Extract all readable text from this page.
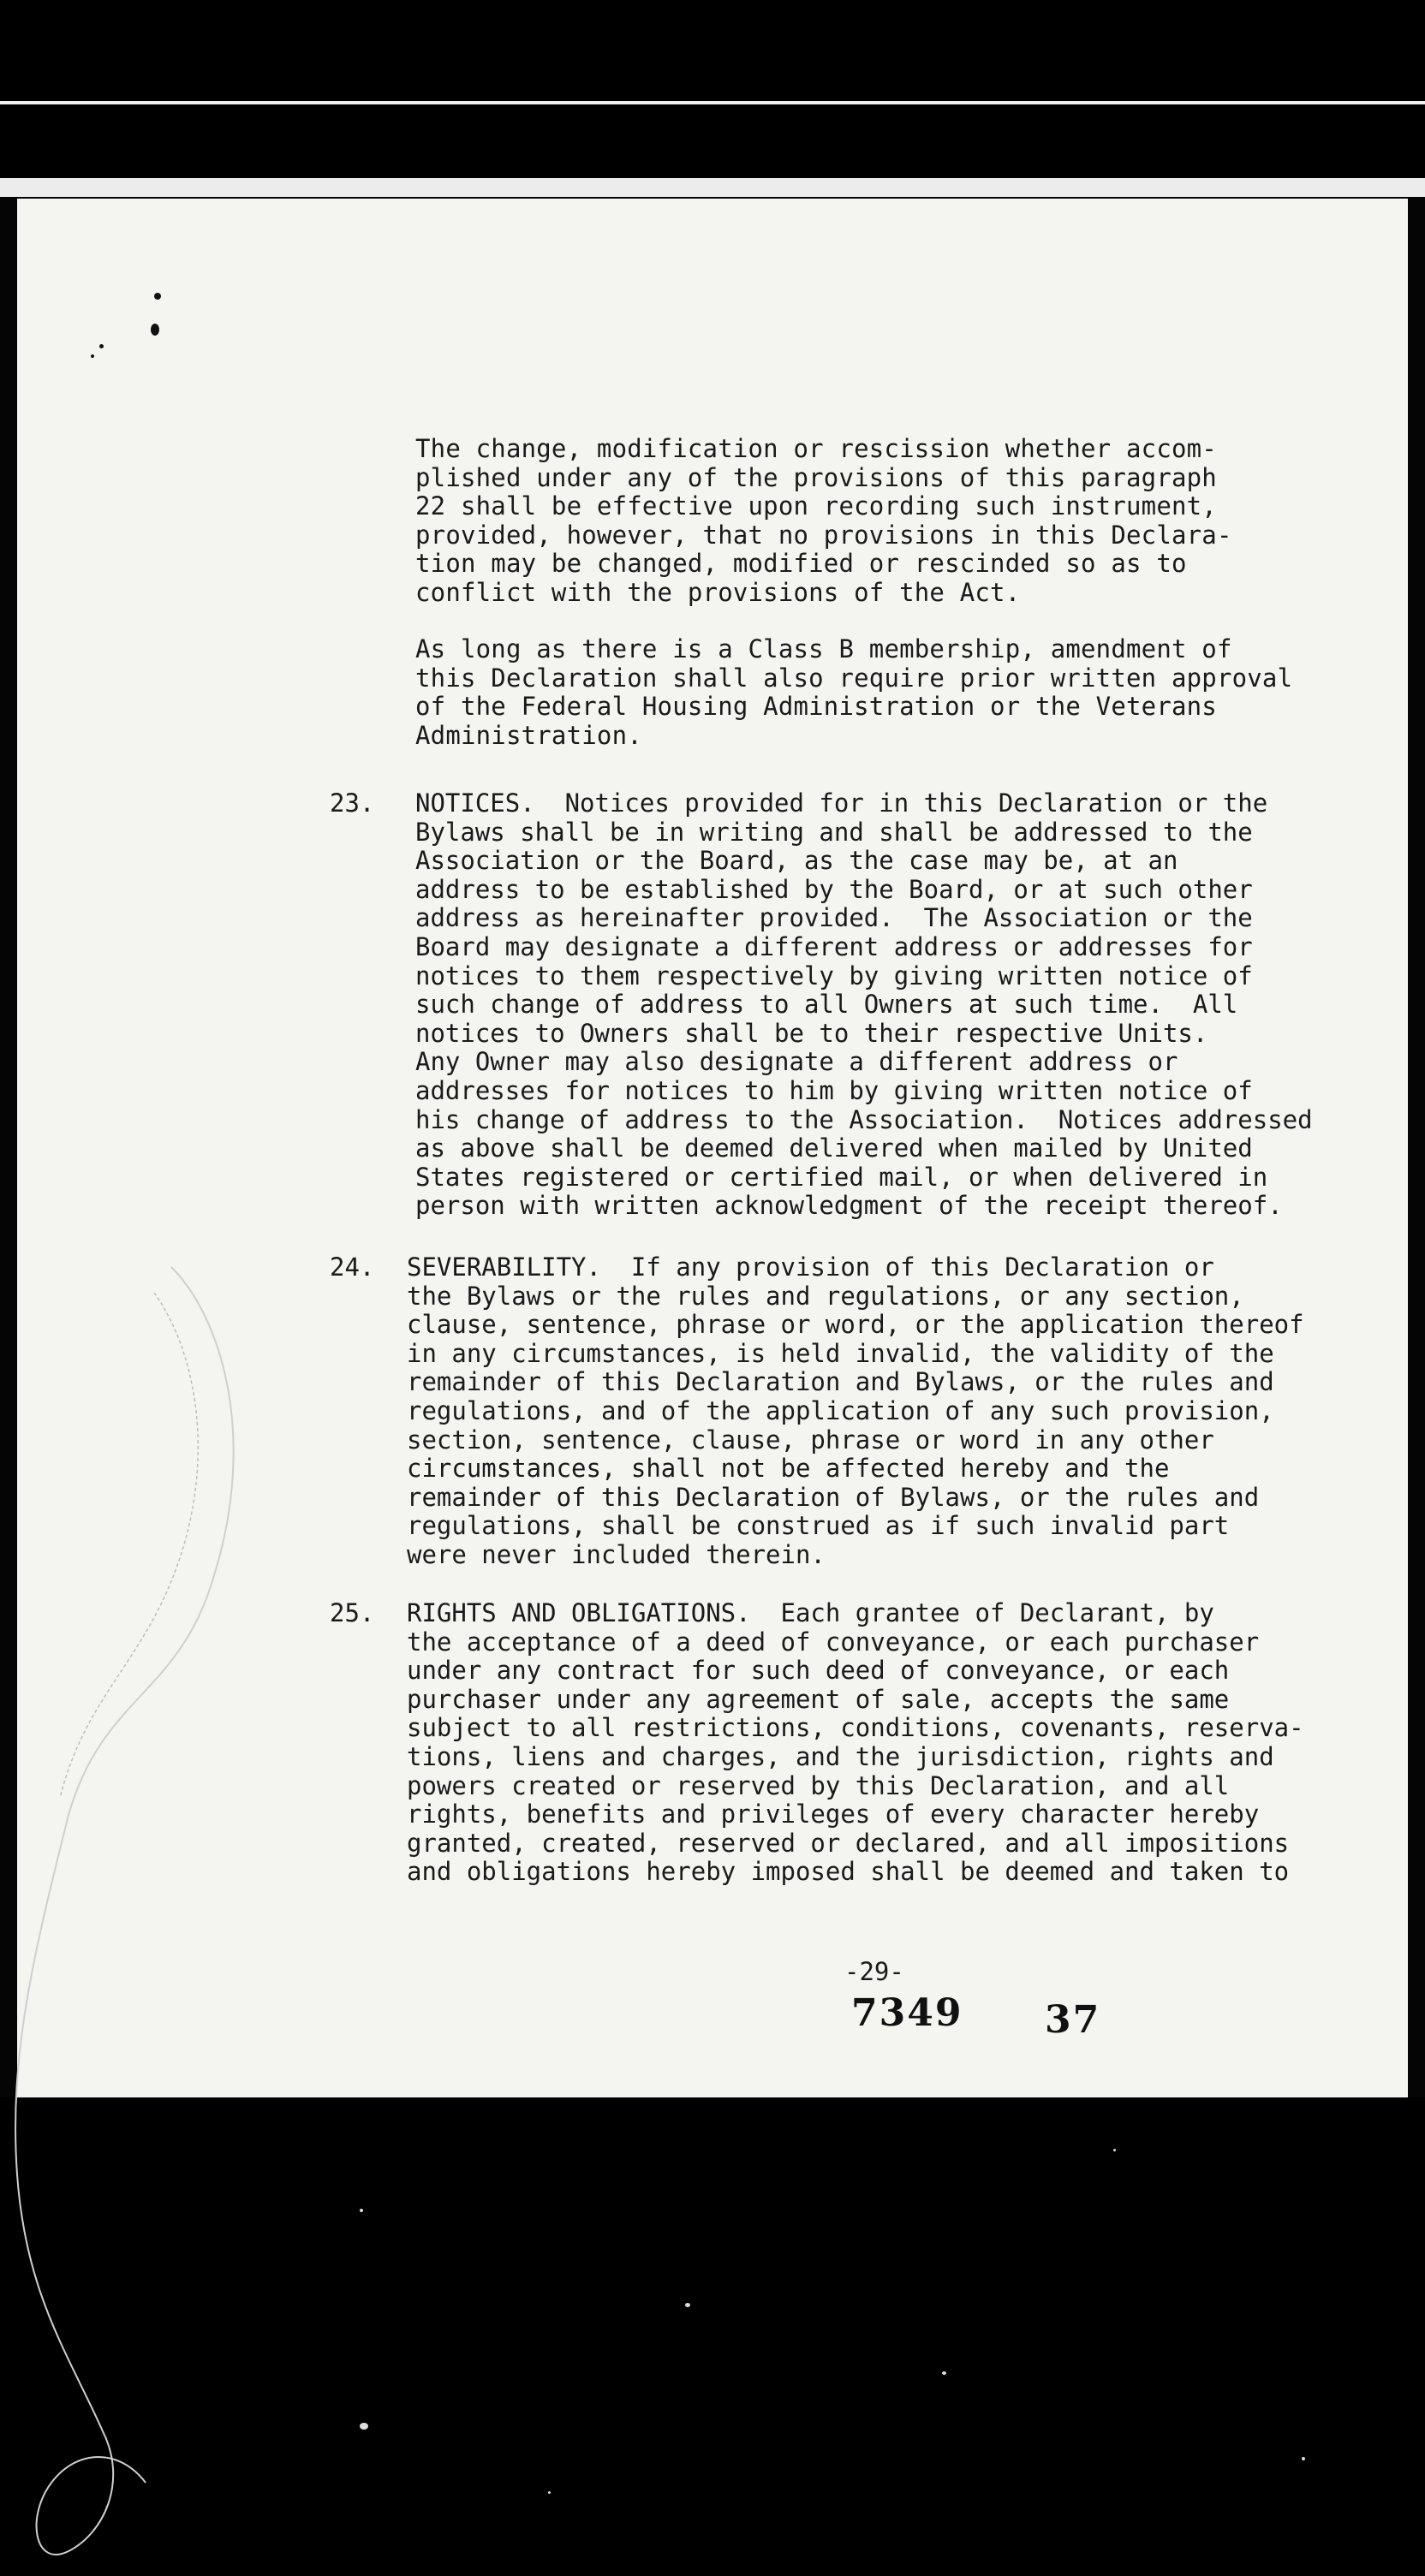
The change, modification or rescission whether accom-
plished under any of the provisions of this paragraph
22 shall be effective upon recording such instrument,
provided, however, that no provisions in this Declara-
tion may be changed, modified or rescinded so as to
conflict with the provisions of the Act.
As long as there is a Class B membership, amendment of
this Declaration shall also require prior written approval
of the Federal Housing Administration or the Veterans
Administration.
23. NOTICES.  Notices provided for in this Declaration or the
Bylaws shall be in writing and shall be addressed to the
Association or the Board, as the case may be, at an
address to be established by the Board, or at such other
address as hereinafter provided.  The Association or the
Board may designate a different address or addresses for
notices to them respectively by giving written notice of
such change of address to all Owners at such time.  All
notices to Owners shall be to their respective Units.
Any Owner may also designate a different address or
addresses for notices to him by giving written notice of
his change of address to the Association.  Notices addressed
as above shall be deemed delivered when mailed by United
States registered or certified mail, or when delivered in
person with written acknowledgment of the receipt thereof.
24. SEVERABILITY.  If any provision of this Declaration or
the Bylaws or the rules and regulations, or any section,
clause, sentence, phrase or word, or the application thereof
in any circumstances, is held invalid, the validity of the
remainder of this Declaration and Bylaws, or the rules and
regulations, and of the application of any such provision,
section, sentence, clause, phrase or word in any other
circumstances, shall not be affected hereby and the
remainder of this Declaration of Bylaws, or the rules and
regulations, shall be construed as if such invalid part
were never included therein.
25. RIGHTS AND OBLIGATIONS.  Each grantee of Declarant, by
the acceptance of a deed of conveyance, or each purchaser
under any contract for such deed of conveyance, or each
purchaser under any agreement of sale, accepts the same
subject to all restrictions, conditions, covenants, reserva-
tions, liens and charges, and the jurisdiction, rights and
powers created or reserved by this Declaration, and all
rights, benefits and privileges of every character hereby
granted, created, reserved or declared, and all impositions
and obligations hereby imposed shall be deemed and taken to
-29-
7349 37
